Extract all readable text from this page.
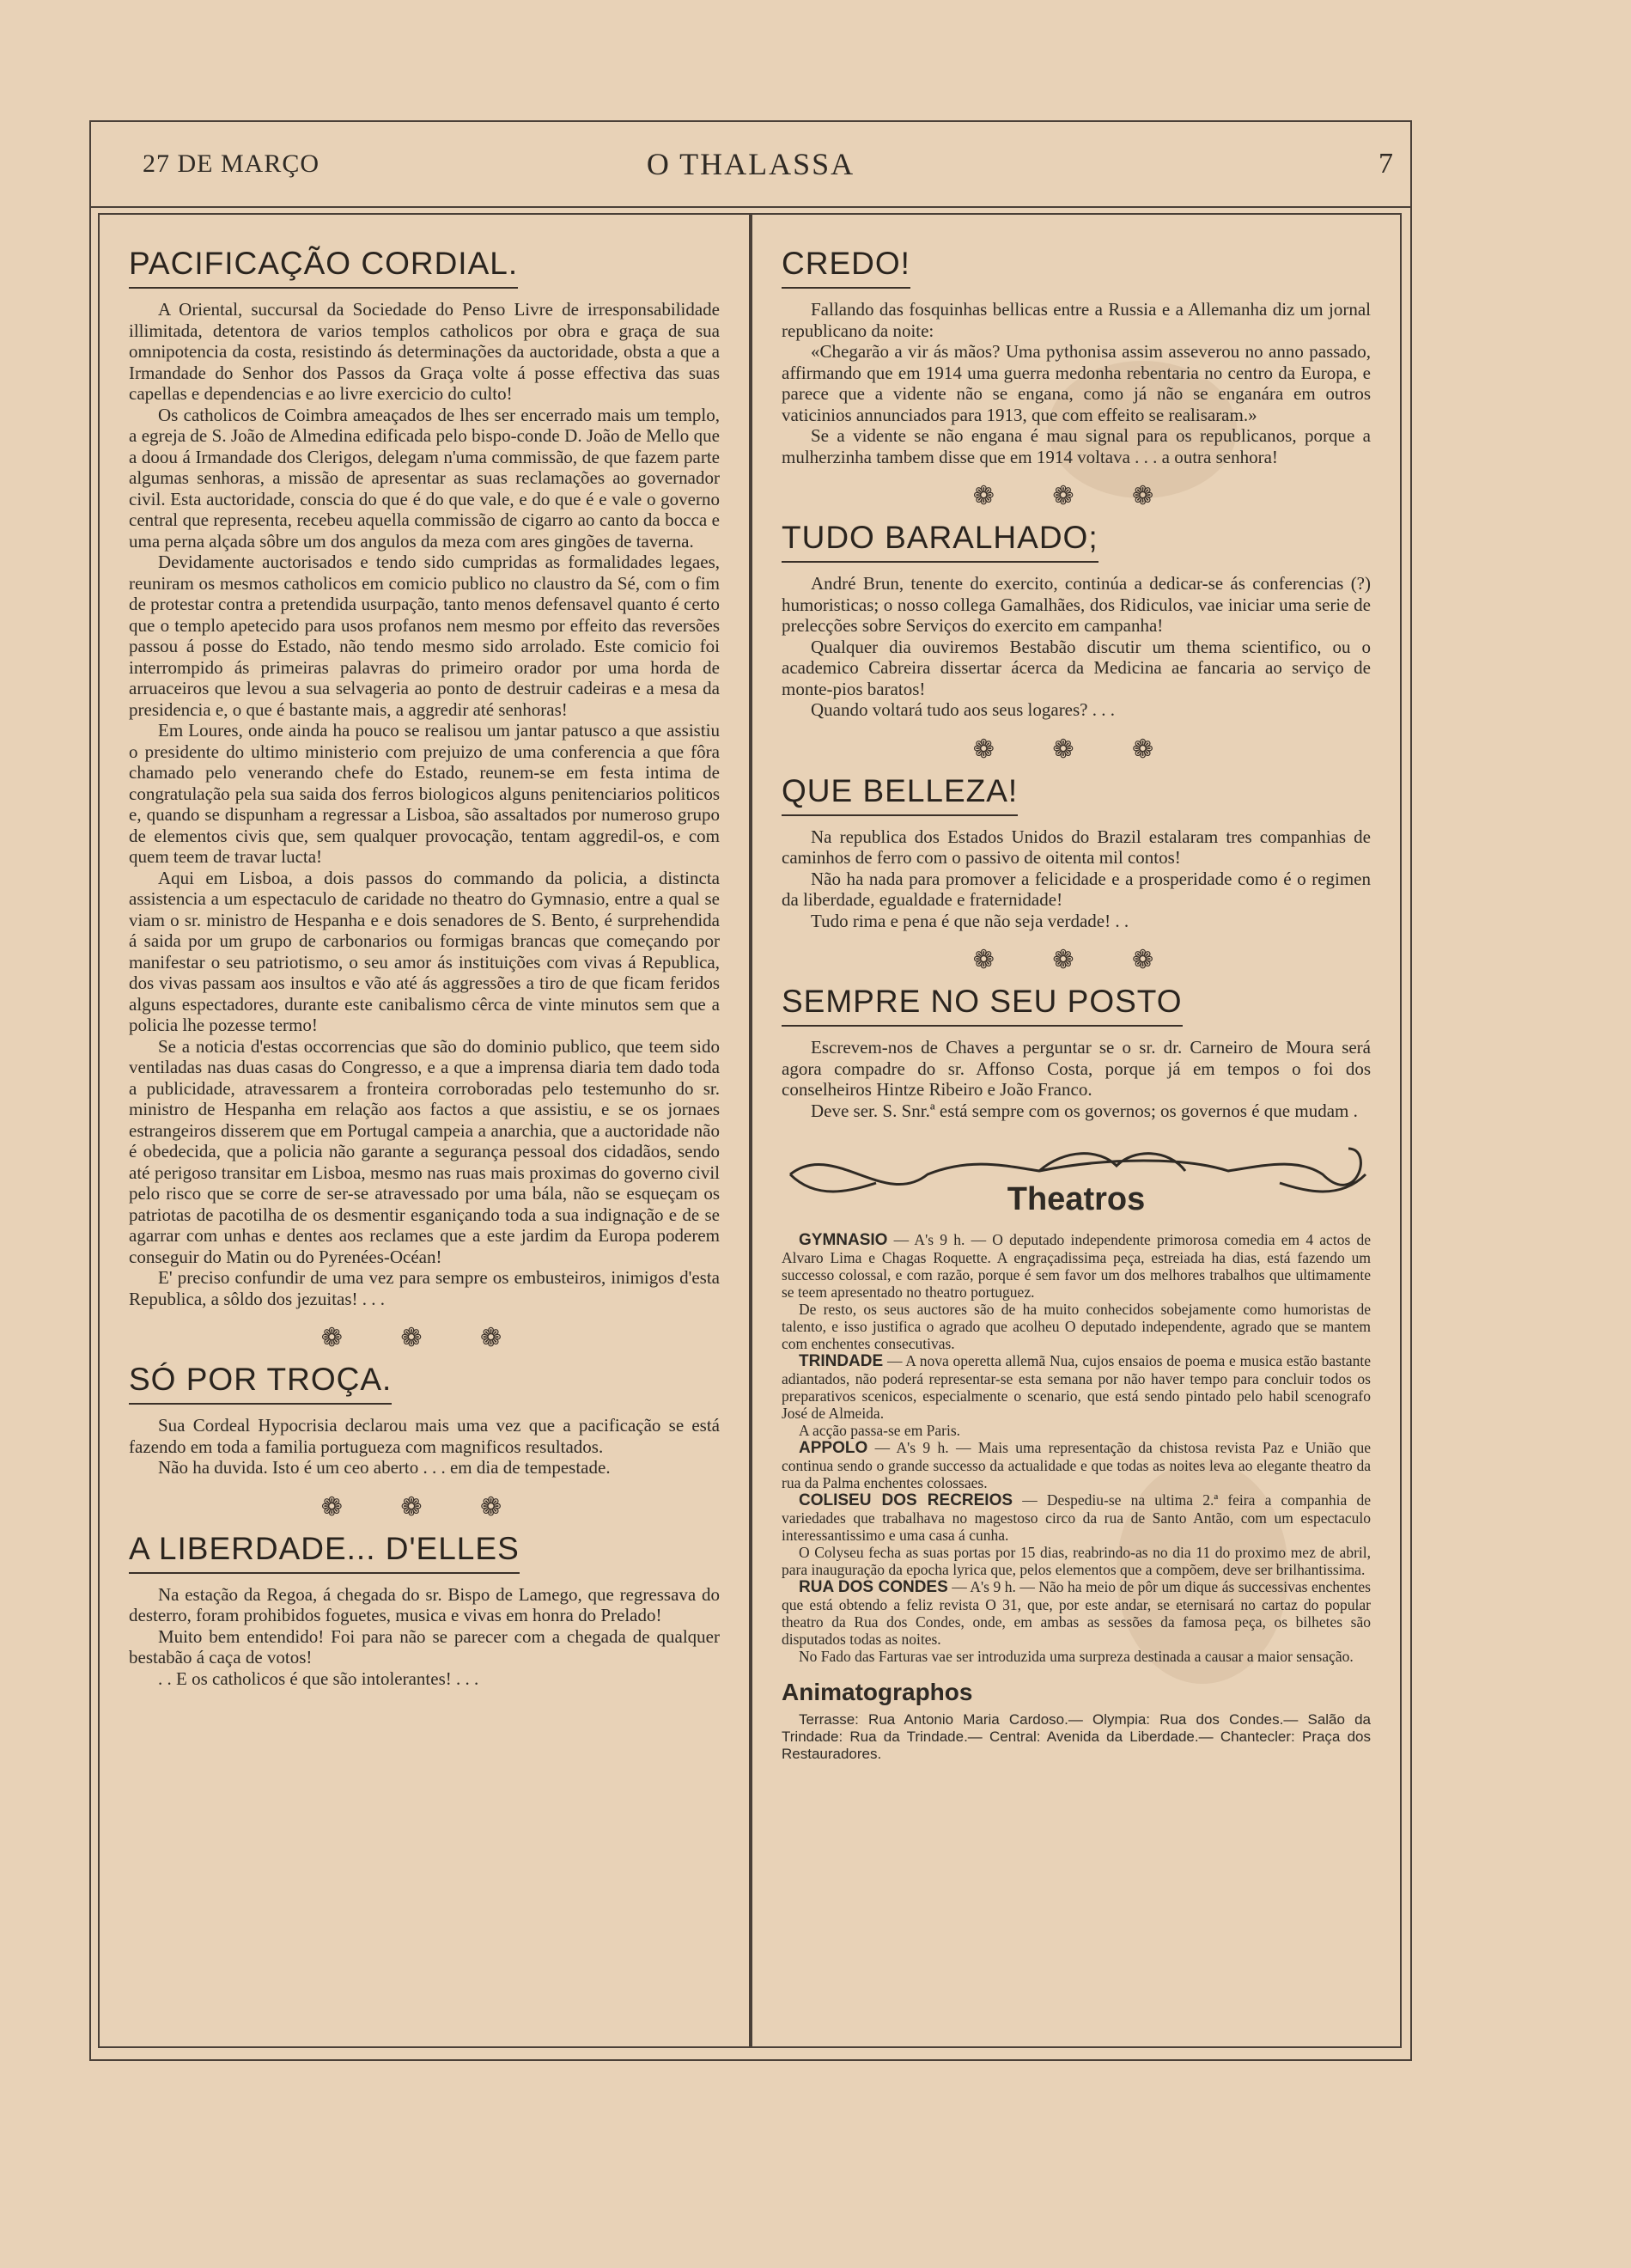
27 DE MARÇO	O THALASSA	7
PACIFICAÇÃO CORDIAL.

A Oriental, succursal da Sociedade do Penso Livre de irresponsabilidade illimitada, detentora de varios templos catholicos por obra e graça de sua omnipotencia da costa, resistindo ás determinações da auctoridade, obsta a que a Irmandade do Senhor dos Passos da Graça volte á posse effectiva das suas capellas e dependencias e ao livre exercicio do culto!

Os catholicos de Coimbra ameaçados de lhes ser encerrado mais um templo, a egreja de S. João de Almedina edificada pelo bispo-conde D. João de Mello que a doou á Irmandade dos Clerigos, delegam n'uma commissão, de que fazem parte algumas senhoras, a missão de apresentar as suas reclamações ao governador civil. Esta auctoridade, conscia do que é do que vale, e do que é e vale o governo central que representa, recebeu aquella commissão de cigarro ao canto da bocca e uma perna alçada sôbre um dos angulos da meza com ares gingões de taverna.

Devidamente auctorisados e tendo sido cumpridas as formalidades legaes, reuniram os mesmos catholicos em comicio publico no claustro da Sé, com o fim de protestar contra a pretendida usurpação, tanto menos defensavel quanto é certo que o templo apetecido para usos profanos nem mesmo por effeito das reversões passou á posse do Estado, não tendo mesmo sido arrolado. Este comicio foi interrompido ás primeiras palavras do primeiro orador por uma horda de arruaceiros que levou a sua selvageria ao ponto de destruir cadeiras e a mesa da presidencia e, o que é bastante mais, a aggredir até senhoras!

Em Loures, onde ainda ha pouco se realisou um jantar patusco a que assistiu o presidente do ultimo ministerio com prejuizo de uma conferencia a que fôra chamado pelo venerando chefe do Estado, reunem-se em festa intima de congratulação pela sua saida dos ferros biologicos alguns penitenciarios politicos e, quando se dispunham a regressar a Lisboa, são assaltados por numeroso grupo de elementos civis que, sem qualquer provocação, tentam aggredil-os, e com quem teem de travar lucta!

Aqui em Lisboa, a dois passos do commando da policia, a distincta assistencia a um espectaculo de caridade no theatro do Gymnasio, entre a qual se viam o sr. ministro de Hespanha e e dois senadores de S. Bento, é surprehendida á saida por um grupo de carbonarios ou formigas brancas que começando por manifestar o seu patriotismo, o seu amor ás instituições com vivas á Republica, dos vivas passam aos insultos e vão até ás aggressões a tiro de que ficam feridos alguns espectadores, durante este canibalismo cêrca de vinte minutos sem que a policia lhe pozesse termo!

Se a noticia d'estas occorrencias que são do dominio publico, que teem sido ventiladas nas duas casas do Congresso, e a que a imprensa diaria tem dado toda a publicidade, atravessarem a fronteira corroboradas pelo testemunho do sr. ministro de Hespanha em relação aos factos a que assistiu, e se os jornaes estrangeiros disserem que em Portugal campeia a anarchia, que a auctoridade não é obedecida, que a policia não garante a segurança pessoal dos cidadãos, sendo até perigoso transitar em Lisboa, mesmo nas ruas mais proximas do governo civil pelo risco que se corre de ser-se atravessado por uma bála, não se esqueçam os patriotas de pacotilha de os desmentir esganiçando toda a sua indignação e de se agarrar com unhas e dentes aos reclames que a este jardim da Europa poderem conseguir do Matin ou do Pyrenées-Océan!

E' preciso confundir de uma vez para sempre os embusteiros, inimigos d'esta Republica, a sôldo dos jezuitas! . . .

❁ ❁ ❁
SÓ POR TROÇA.

Sua Cordeal Hypocrisia declarou mais uma vez que a pacificação se está fazendo em toda a familia portugueza com magnificos resultados.

Não ha duvida. Isto é um ceo aberto . . . em dia de tempestade.

❁ ❁ ❁
A LIBERDADE... D'ELLES

Na estação da Regoa, á chegada do sr. Bispo de Lamego, que regressava do desterro, foram prohibidos foguetes, musica e vivas em honra do Prelado!

Muito bem entendido! Foi para não se parecer com a chegada de qualquer bestabão á caça de votos!

. . E os catholicos é que são intolerantes! . . .

CREDO!

Fallando das fosquinhas bellicas entre a Russia e a Allemanha diz um jornal republicano da noite:

«Chegarão a vir ás mãos? Uma pythonisa assim asseverou no anno passado, affirmando que em 1914 uma guerra medonha rebentaria no centro da Europa, e parece que a vidente não se engana, como já não se enganára em outros vaticinios annunciados para 1913, que com effeito se realisaram.»

Se a vidente se não engana é mau signal para os republicanos, porque a mulherzinha tambem disse que em 1914 voltava . . . a outra senhora!

❁ ❁ ❁
TUDO BARALHADO;

André Brun, tenente do exercito, continúa a dedicar-se ás conferencias (?) humoristicas; o nosso collega Gamalhães, dos Ridiculos, vae iniciar uma serie de prelecções sobre Serviços do exercito em campanha!

Qualquer dia ouviremos Bestabão discutir um thema scientifico, ou o academico Cabreira dissertar ácerca da Medicina ae fancaria ao serviço de monte-pios baratos!

Quando voltará tudo aos seus logares? . . .

❁ ❁ ❁
QUE BELLEZA!

Na republica dos Estados Unidos do Brazil estalaram tres companhias de caminhos de ferro com o passivo de oitenta mil contos!

Não ha nada para promover a felicidade e a prosperidade como é o regimen da liberdade, egualdade e fraternidade!

Tudo rima e pena é que não seja verdade! . .

❁ ❁ ❁
SEMPRE NO SEU POSTO

Escrevem-nos de Chaves a perguntar se o sr. dr. Carneiro de Moura será agora compadre do sr. Affonso Costa, porque já em tempos o foi dos conselheiros Hintze Ribeiro e João Franco.

Deve ser. S. Snr.ª está sempre com os governos; os governos é que mudam .

Theatros

GYMNASIO — A's 9 h. — O deputado independente primorosa comedia em 4 actos de Alvaro Lima e Chagas Roquette. A engraçadissima peça, estreiada ha dias, está fazendo um successo colossal, e com razão, porque é sem favor um dos melhores trabalhos que ultimamente se teem apresentado no theatro portuguez.

De resto, os seus auctores são de ha muito conhecidos sobejamente como humoristas de talento, e isso justifica o agrado que acolheu O deputado independente, agrado que se mantem com enchentes consecutivas.

TRINDADE — A nova operetta allemã Nua, cujos ensaios de poema e musica estão bastante adiantados, não poderá representar-se esta semana por não haver tempo para concluir todos os preparativos scenicos, especialmente o scenario, que está sendo pintado pelo habil scenografo José de Almeida.

A acção passa-se em Paris.

APPOLO — A's 9 h. — Mais uma representação da chistosa revista Paz e União que continua sendo o grande successo da actualidade e que todas as noites leva ao elegante theatro da rua da Palma enchentes colossaes.

COLISEU DOS RECREIOS — Despediu-se na ultima 2.ª feira a companhia de variedades que trabalhava no magestoso circo da rua de Santo Antão, com um espectaculo interessantissimo e uma casa á cunha.

O Colyseu fecha as suas portas por 15 dias, reabrindo-as no dia 11 do proximo mez de abril, para inauguração da epocha lyrica que, pelos elementos que a compõem, deve ser brilhantissima.

RUA DOS CONDES — A's 9 h. — Não ha meio de pôr um dique ás successivas enchentes que está obtendo a feliz revista O 31, que, por este andar, se eternisará no cartaz do popular theatro da Rua dos Condes, onde, em ambas as sessões da famosa peça, os bilhetes são disputados todas as noites.

No Fado das Farturas vae ser introduzida uma surpreza destinada a causar a maior sensação.

Animatographos

Terrasse: Rua Antonio Maria Cardoso.— Olympia: Rua dos Condes.— Salão da Trindade: Rua da Trindade.— Central: Avenida da Liberdade.— Chantecler: Praça dos Restauradores.
